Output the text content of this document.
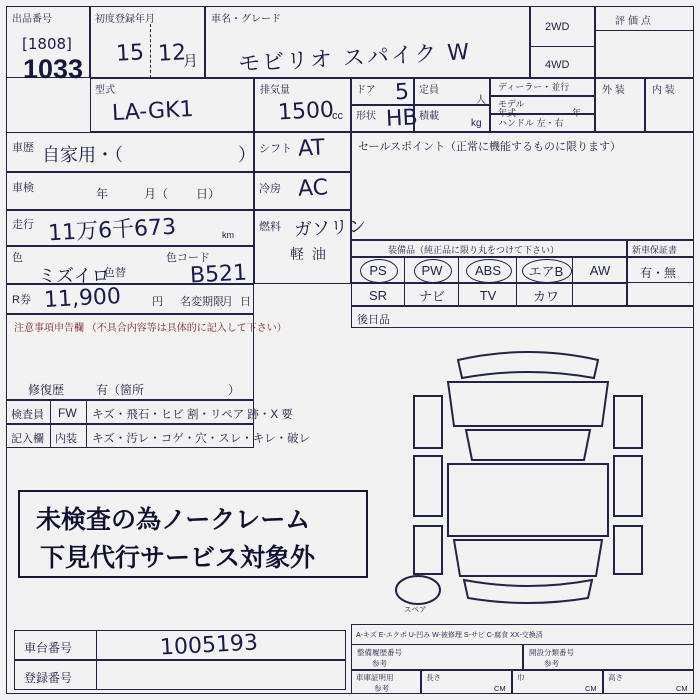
出品番号
[1808]
1033
初度登録年月
15 12
月
車名・グレード
モビリオ スパイク W
2WD
4WD
評価点
型式
LA-GK1
排気量
1500
cc
ドア 5 定員
人
形状 HB 積載
kg
ディーラー・並行
モデル
年式	年
ハンドル 左・右
外 装	内 装
車歴 自家用・（	）
車検	年	月（ 日）
走行 11万6千673	km
色
ミズイロ
色替
色コード
B521
R券 11,900	円 名変期限
月 日
シフト AT
冷房 AC
燃料 ガソリン
軽 油
セールスポイント（正常に機能するものに限ります）
装備品（純正品に限り丸をつけて下さい）	新車保証書
有・無
PS	PW	ABS	エアB	AW
SR	ナビ	TV	カワ
後日品
注意事項申告欄 （不具合内容等は具体的に記入して下さい）
修復歴	有（箇所	）
検査員 FW キズ・飛石・ヒビ 割・リペア 跡・X 要
記入欄 内装 キズ・汚レ・コゲ・穴・スレ・キレ・破レ
未検査の為ノークレーム
下見代行サービス対象外
スペア
車台番号	1005193
登録番号
A-キズ E-エクボ U-凹み W-被修理 S-サビ C-腐食 XX-交換済
整備履歴番号
参考
開設分類番号
参考
車庫証明用
参考
長さ
CM
巾
CM
高さ
CM
